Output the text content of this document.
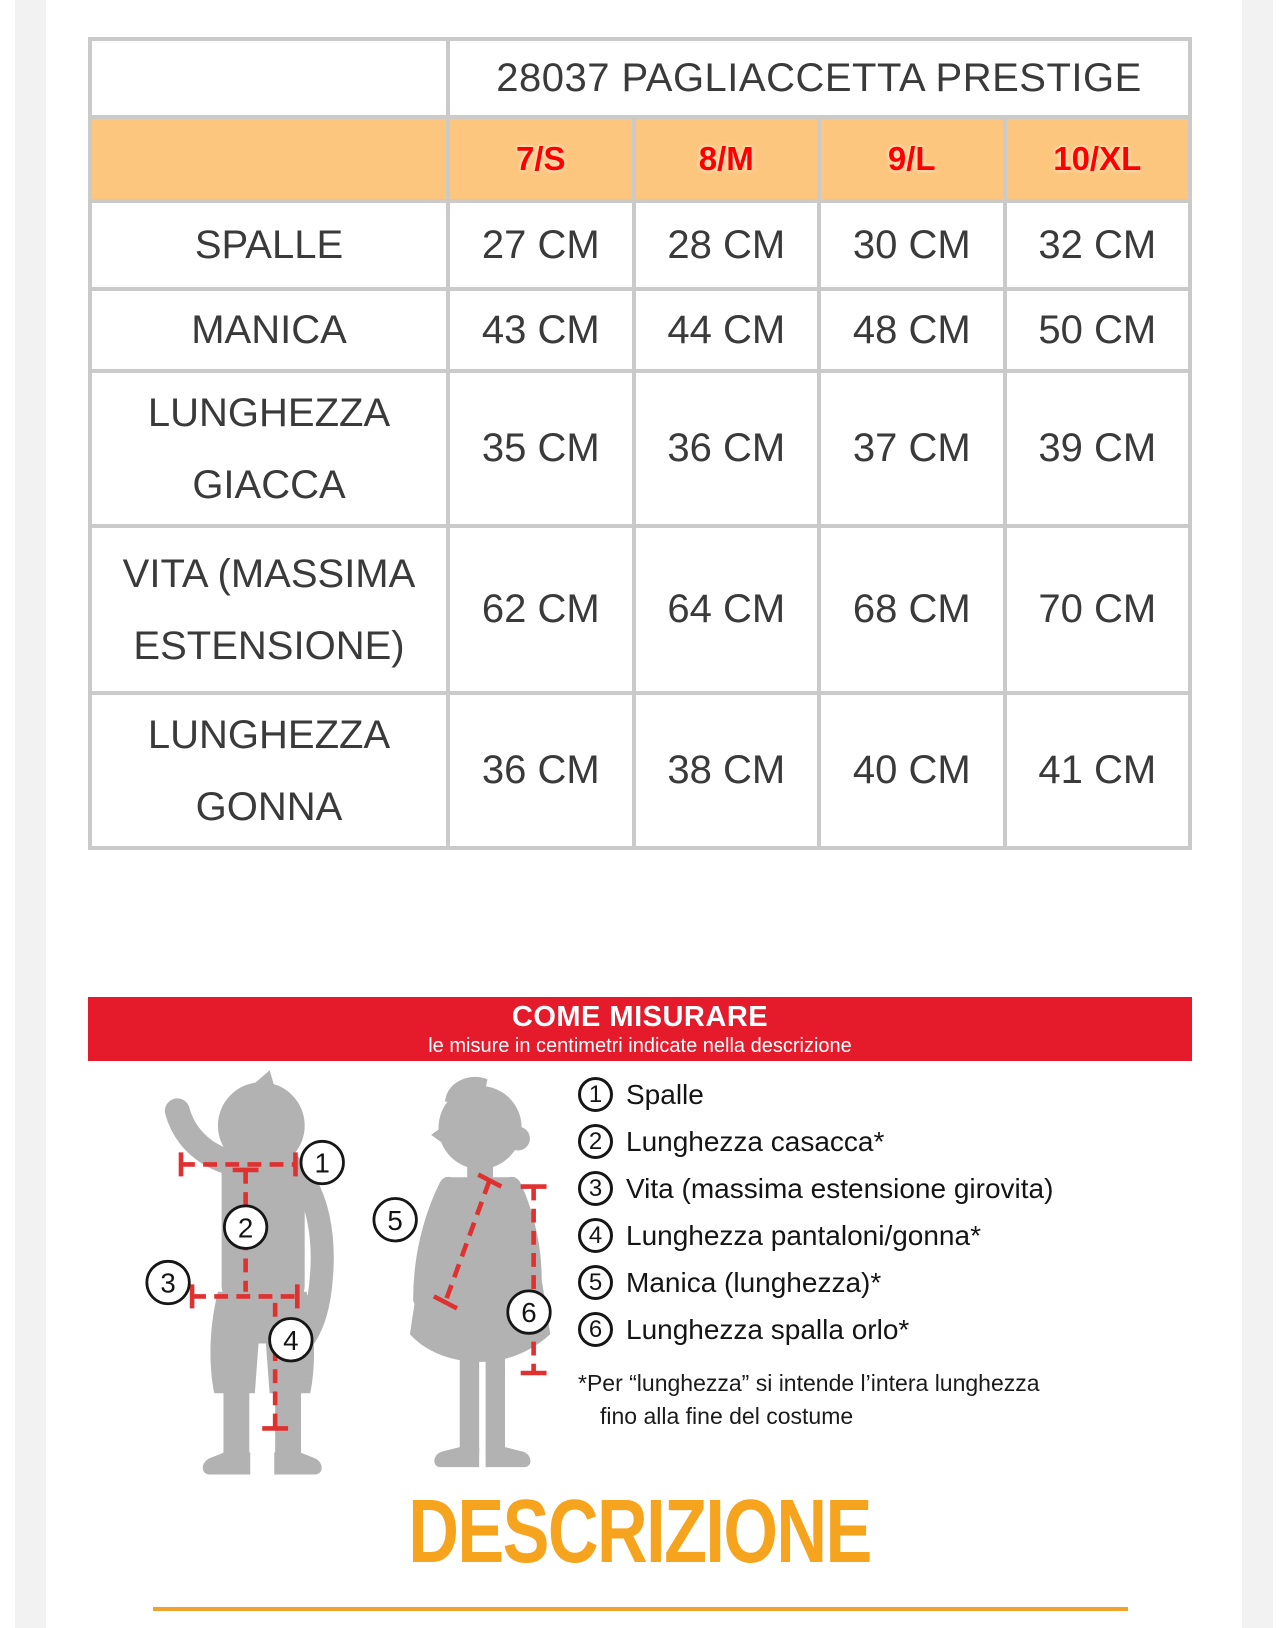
	28037 PAGLIACCETTA PRESTIGE			
	7/S	8/M	9/L	10/XL

SPALLE	27 CM	28 CM	30 CM	32 CM

MANICA	43 CM	44 CM	48 CM	50 CM

LUNGHEZZA
GIACCA	35 CM	36 CM	37 CM	39 CM

VITA (MASSIMA
ESTENSIONE)	62 CM	64 CM	68 CM	70 CM

LUNGHEZZA
GONNA	36 CM	38 CM	40 CM	41 CM
COME MISURARE
le misure in centimetri indicate nella descrizione
1
2
3
4
5
6
1 Spalle
2 Lunghezza casacca*
3 Vita (massima estensione girovita)
4 Lunghezza pantaloni/gonna*
5 Manica (lunghezza)*
6 Lunghezza spalla orlo*
*Per “lunghezza” si intende l’intera lunghezza
fino alla fine del costume
DESCRIZIONE
